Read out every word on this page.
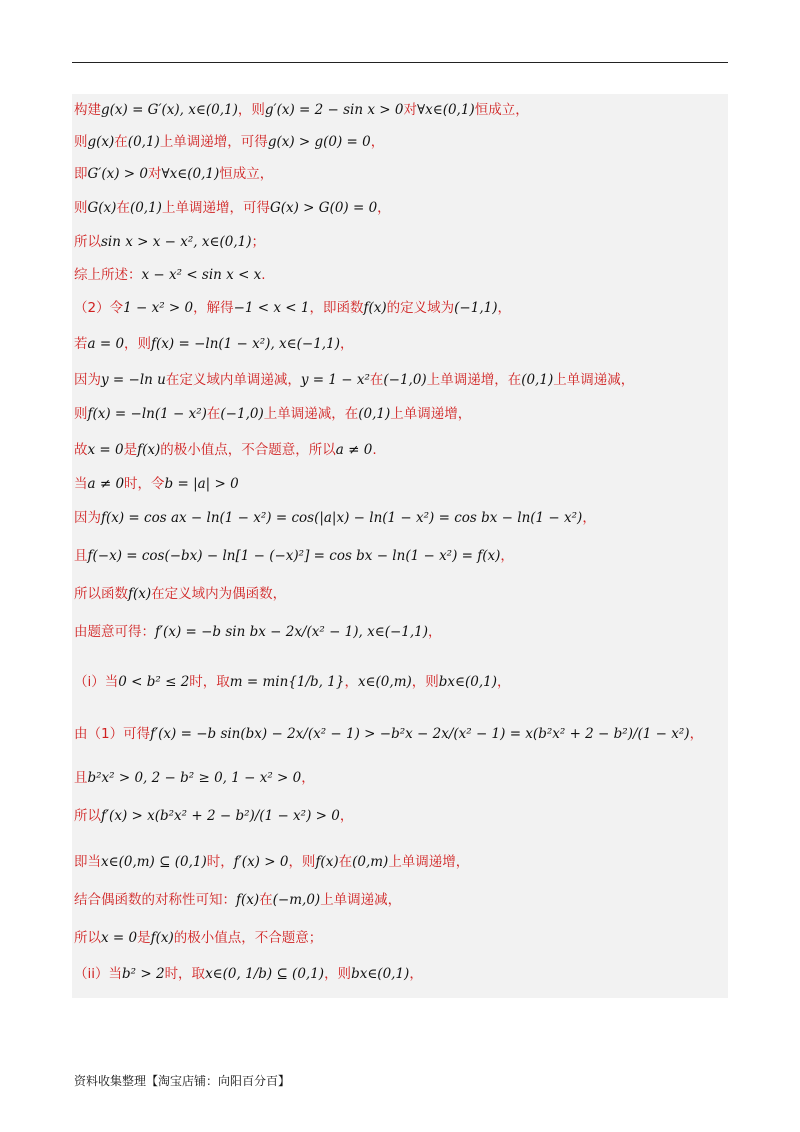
构建g(x) = G′(x), x∈(0,1)，则g′(x) = 2 − sin x > 0对∀x∈(0,1)恒成立，
则g(x)在(0,1)上单调递增，可得g(x) > g(0) = 0，
即G′(x) > 0对∀x∈(0,1)恒成立，
则G(x)在(0,1)上单调递增，可得G(x) > G(0) = 0，
所以sin x > x − x², x∈(0,1)；
综上所述：x − x² < sin x < x.
（2）令1 − x² > 0，解得−1 < x < 1，即函数f(x)的定义域为(−1,1)，
若a = 0，则f(x) = −ln(1 − x²), x∈(−1,1)，
因为y = −ln u在定义域内单调递减，y = 1 − x²在(−1,0)上单调递增，在(0,1)上单调递减，
则f(x) = −ln(1 − x²)在(−1,0)上单调递减，在(0,1)上单调递增，
故x = 0是f(x)的极小值点，不合题意，所以a ≠ 0.
当a ≠ 0时，令b = |a| > 0
因为f(x) = cos ax − ln(1 − x²) = cos(|a|x) − ln(1 − x²) = cos bx − ln(1 − x²)，
且f(−x) = cos(−bx) − ln[1 − (−x)²] = cos bx − ln(1 − x²) = f(x)，
所以函数f(x)在定义域内为偶函数，
由题意可得：f′(x) = −b sin bx − 2x/(x² − 1), x∈(−1,1)，
（i）当0 < b² ≤ 2时，取m = min{1/b, 1}，x∈(0,m)，则bx∈(0,1)，
由（1）可得f′(x) = −b sin(bx) − 2x/(x² − 1) > −b²x − 2x/(x² − 1) = x(b²x² + 2 − b²)/(1 − x²)，
且b²x² > 0, 2 − b² ≥ 0, 1 − x² > 0，
所以f′(x) > x(b²x² + 2 − b²)/(1 − x²) > 0，
即当x∈(0,m) ⊆ (0,1)时，f′(x) > 0，则f(x)在(0,m)上单调递增，
结合偶函数的对称性可知：f(x)在(−m,0)上单调递减，
所以x = 0是f(x)的极小值点，不合题意；
（ii）当b² > 2时，取x∈(0, 1/b) ⊆ (0,1)，则bx∈(0,1)，
资料收集整理【淘宝店铺：向阳百分百】
